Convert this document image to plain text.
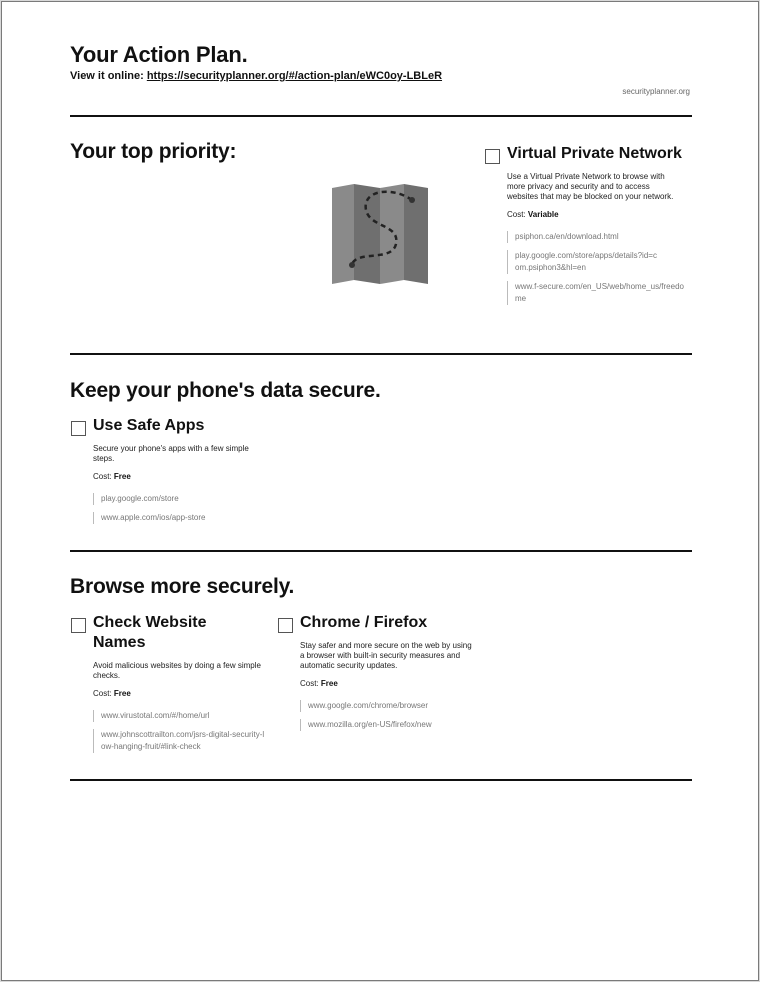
Your Action Plan.
View it online: https://securityplanner.org/#/action-plan/eWC0oy-LBLeR
securityplanner.org
Your top priority:	Virtual Private Network
Use a Virtual Private Network to browse with more privacy and security and to access websites that may be blocked on your network.
Cost: Variable
psiphon.ca/en/download.html
play.google.com/store/apps/details?id=com.psiphon3&hl=en
www.f-secure.com/en_US/web/home_us/freedome
Keep your phone's data secure.
Use Safe Apps
Secure your phone's apps with a few simple steps.
Cost: Free
play.google.com/store
www.apple.com/ios/app-store
Browse more securely.
Check Website Names
Avoid malicious websites by doing a few simple checks.
Cost: Free
www.virustotal.com/#/home/url
www.johnscottrailton.com/jsrs-digital-security-low-hanging-fruit/#link-check
Chrome / Firefox
Stay safer and more secure on the web by using a browser with built-in security measures and automatic security updates.
Cost: Free
www.google.com/chrome/browser
www.mozilla.org/en-US/firefox/new
